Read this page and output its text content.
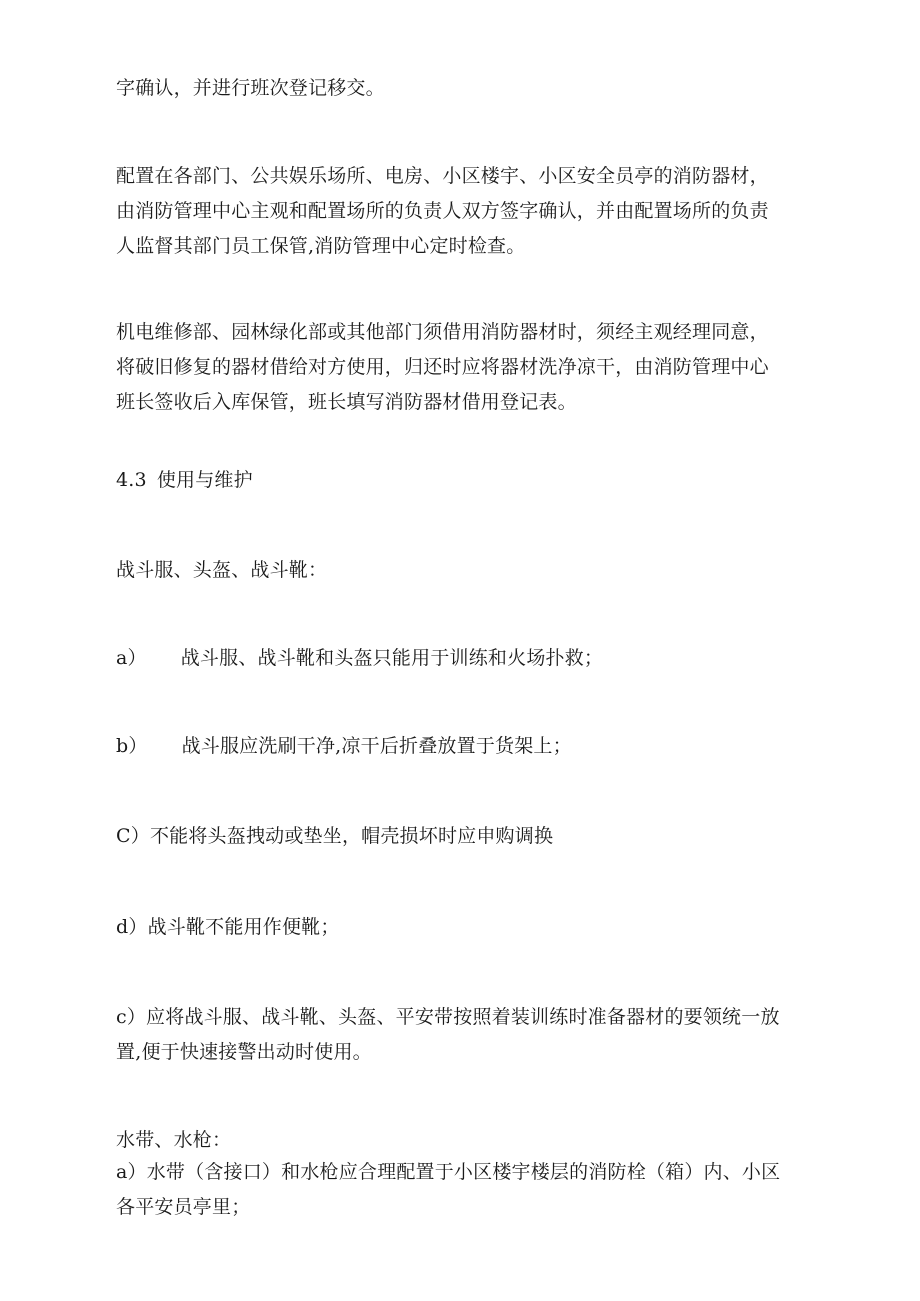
字确认，并进行班次登记移交。
配置在各部门、公共娱乐场所、电房、小区楼宇、小区安全员亭的消防器材，
由消防管理中心主观和配置场所的负责人双方签字确认，并由配置场所的负责
人监督其部门员工保管,消防管理中心定时检查。
机电维修部、园林绿化部或其他部门须借用消防器材时，须经主观经理同意，
将破旧修复的器材借给对方使用，归还时应将器材洗净凉干，由消防管理中心
班长签收后入库保管，班长填写消防器材借用登记表。
4.3 使用与维护
战斗服、头盔、战斗靴：
a） 战斗服、战斗靴和头盔只能用于训练和火场扑救；
b） 战斗服应洗刷干净,凉干后折叠放置于货架上；
C）不能将头盔拽动或垫坐，帽壳损坏时应申购调换
d）战斗靴不能用作便靴；
c）应将战斗服、战斗靴、头盔、平安带按照着装训练时准备器材的要领统一放
置,便于快速接警出动时使用。
水带、水枪：
a）水带（含接口）和水枪应合理配置于小区楼宇楼层的消防栓（箱）内、小区
各平安员亭里；
